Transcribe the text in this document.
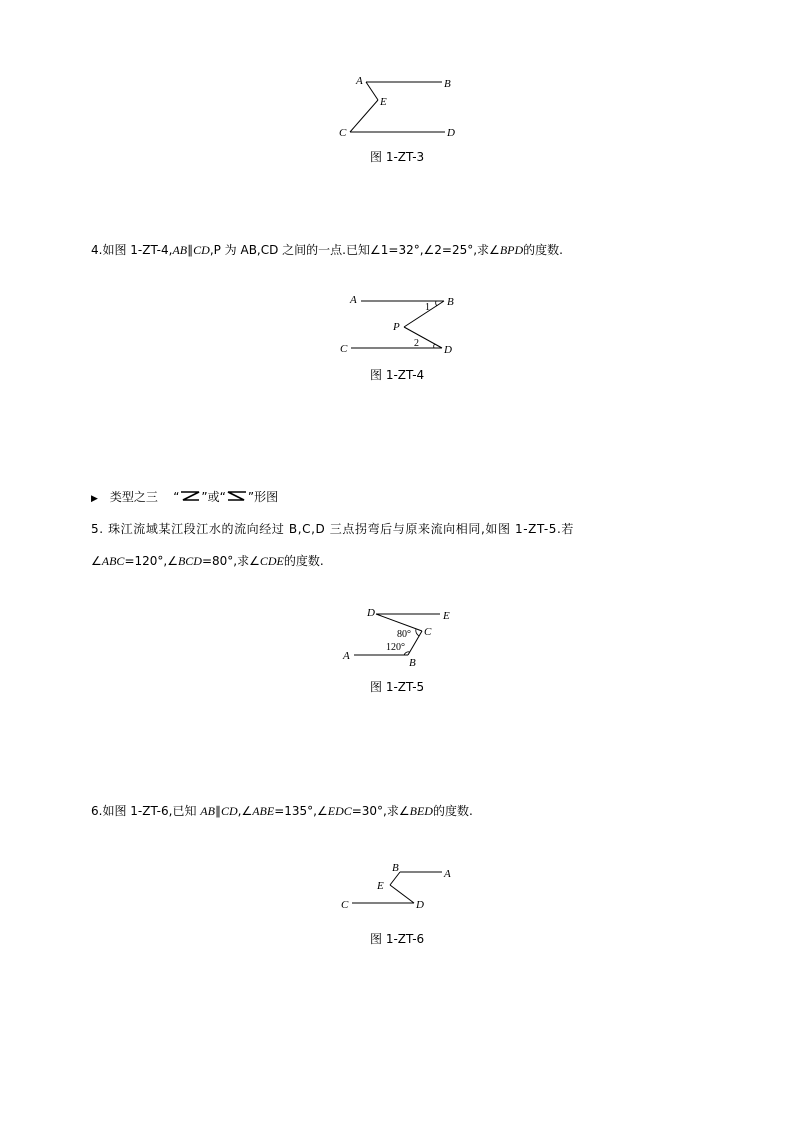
A	B
E
C	D
图 1-ZT-3
4.如图 1-ZT-4,AB∥CD,P 为 AB,CD 之间的一点.已知∠1=32°,∠2=25°,求∠BPD的度数.
A	B
1
P
2
C	D
图 1-ZT-4
▶ 类型之三 “ ”或“ ”形图
5. 珠江流域某江段江水的流向经过 B,C,D 三点拐弯后与原来流向相同,如图 1-ZT-5.若
∠ABC=120°,∠BCD=80°,求∠CDE的度数.
D	E
80° C
120°
A
B
图 1-ZT-5
6.如图 1-ZT-6,已知 AB∥CD,∠ABE=135°,∠EDC=30°,求∠BED的度数.
B	A
E
C	D
图 1-ZT-6
